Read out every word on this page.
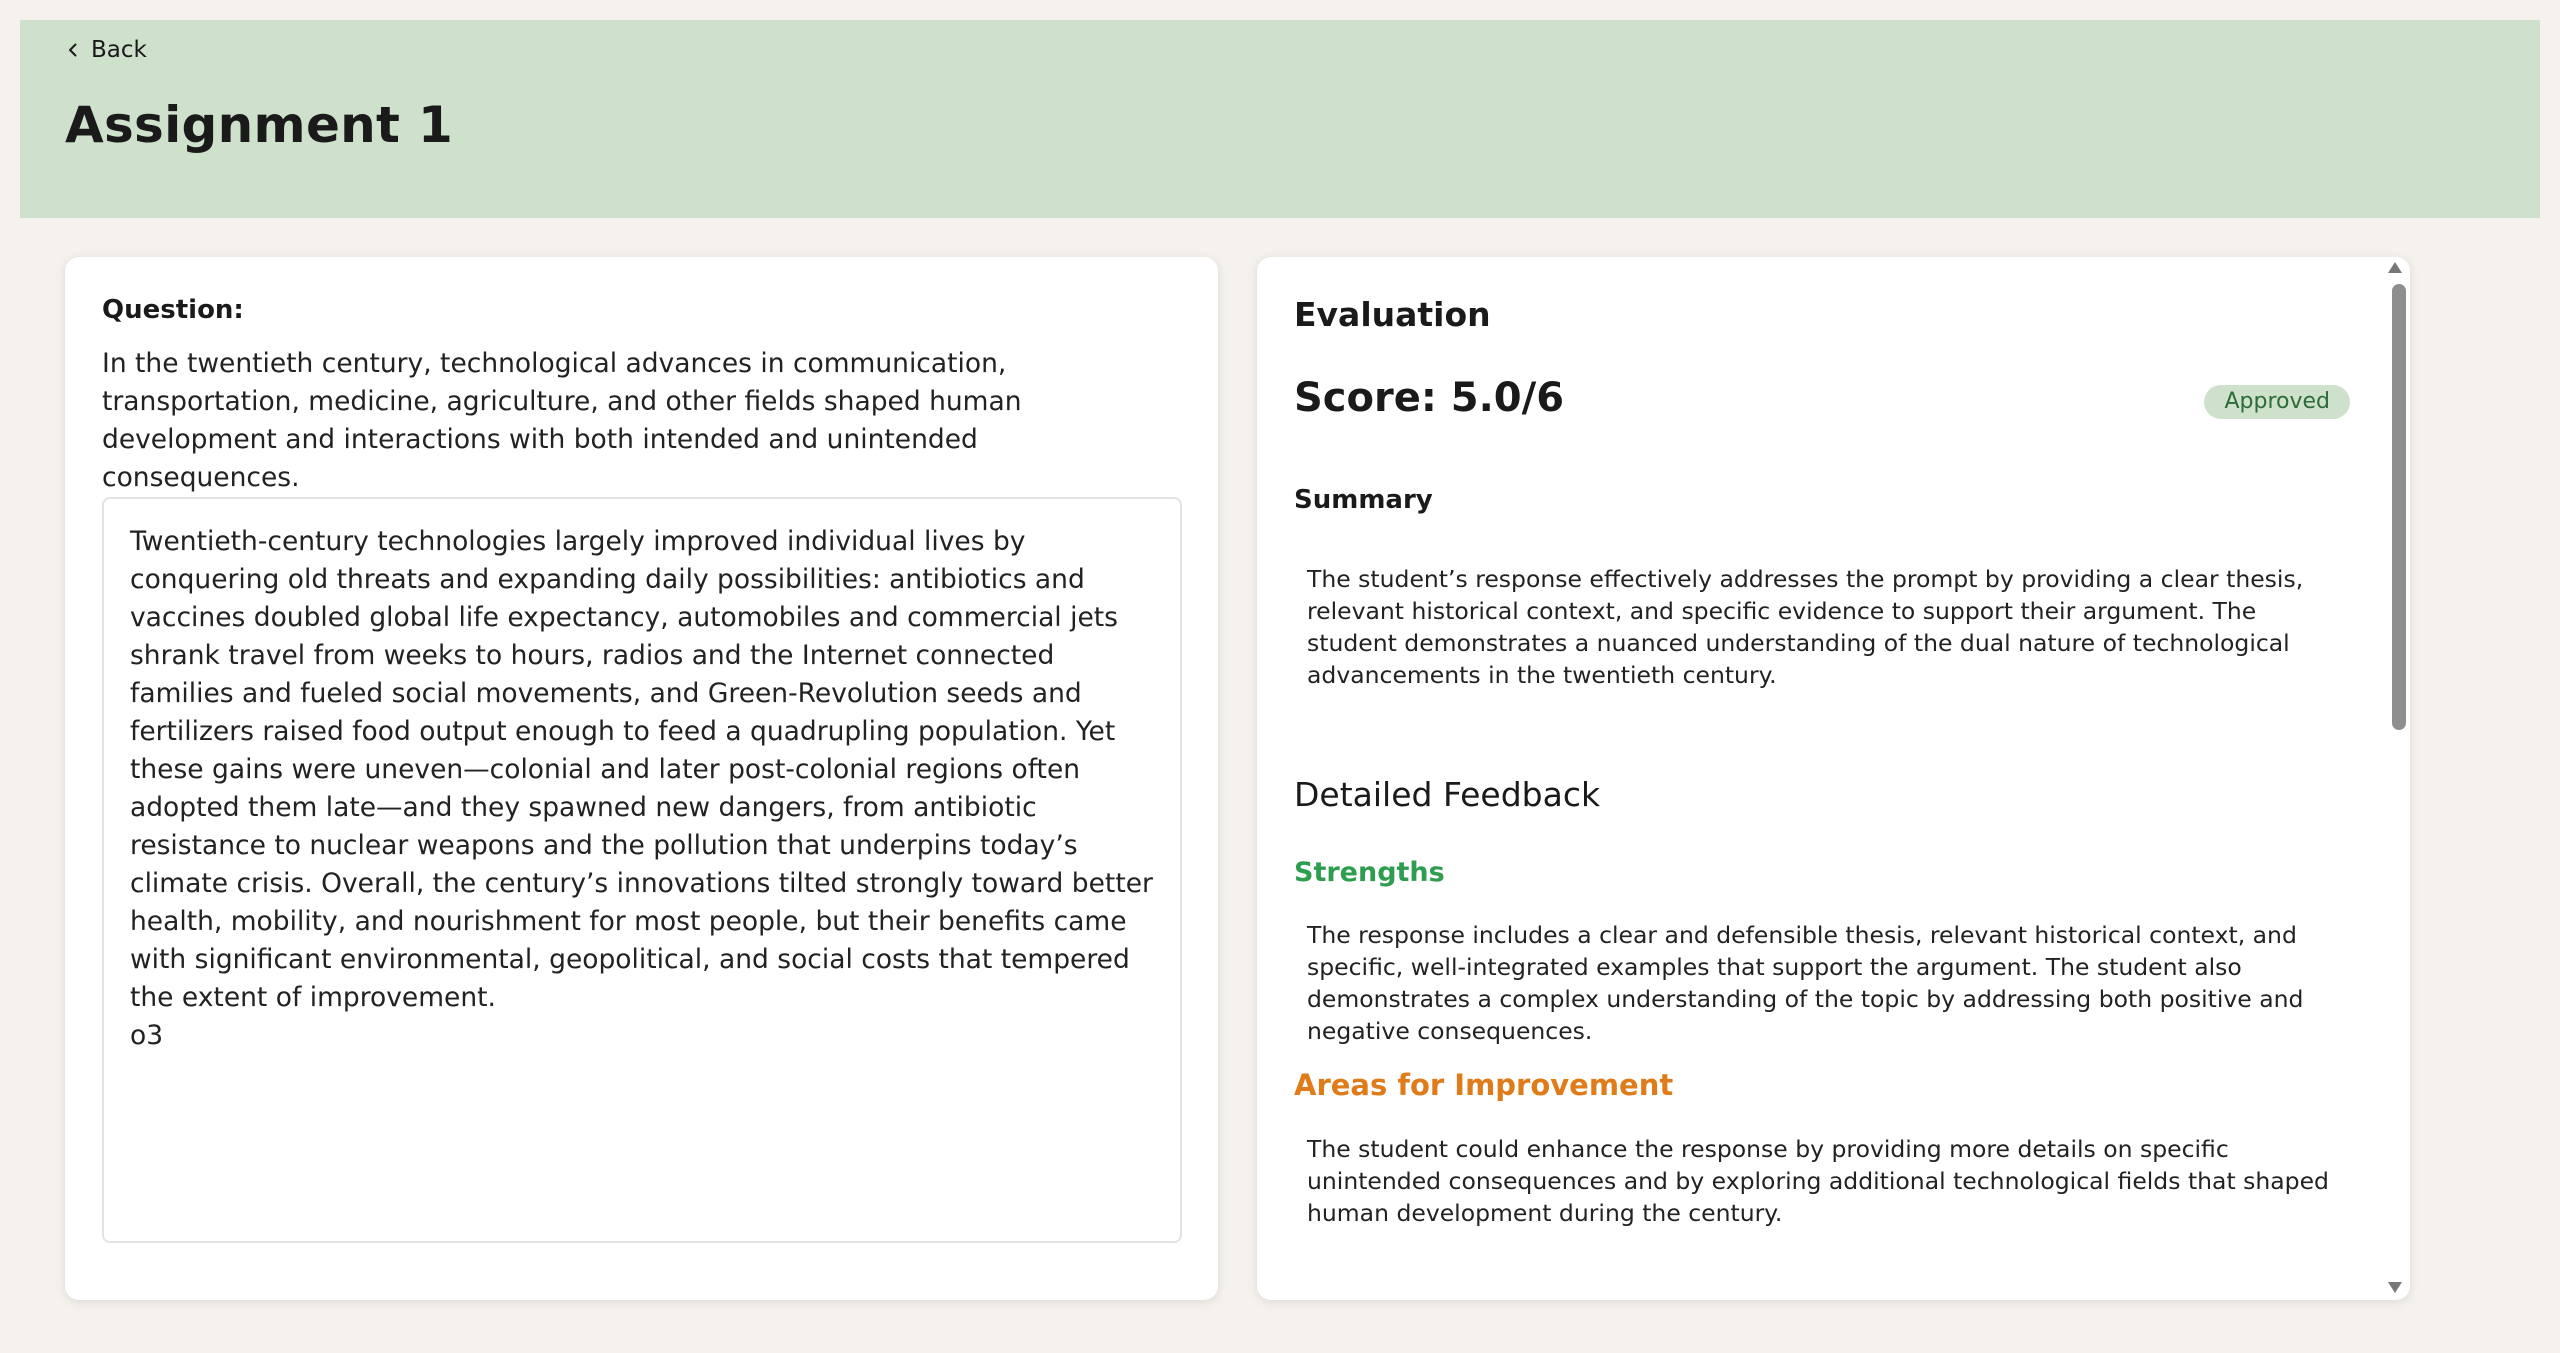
Back
Assignment 1
Question:
In the twentieth century, technological advances in communication, transportation, medicine, agriculture, and other fields shaped human development and interactions with both intended and unintended consequences.
Twentieth-century technologies largely improved individual lives by conquering old threats and expanding daily possibilities: antibiotics and vaccines doubled global life expectancy, automobiles and commercial jets shrank travel from weeks to hours, radios and the Internet connected families and fueled social movements, and Green-Revolution seeds and fertilizers raised food output enough to feed a quadrupling population. Yet these gains were uneven—colonial and later post-colonial regions often adopted them late—and they spawned new dangers, from antibiotic resistance to nuclear weapons and the pollution that underpins today’s climate crisis. Overall, the century’s innovations tilted strongly toward better health, mobility, and nourishment for most people, but their benefits came with significant environmental, geopolitical, and social costs that tempered the extent of improvement.
o3
Evaluation
Score: 5.0/6	Approved
Summary
The student’s response effectively addresses the prompt by providing a clear thesis, relevant historical context, and specific evidence to support their argument. The student demonstrates a nuanced understanding of the dual nature of technological advancements in the twentieth century.
Detailed Feedback
Strengths
The response includes a clear and defensible thesis, relevant historical context, and specific, well-integrated examples that support the argument. The student also demonstrates a complex understanding of the topic by addressing both positive and negative consequences.
Areas for Improvement
The student could enhance the response by providing more details on specific unintended consequences and by exploring additional technological fields that shaped human development during the century.
